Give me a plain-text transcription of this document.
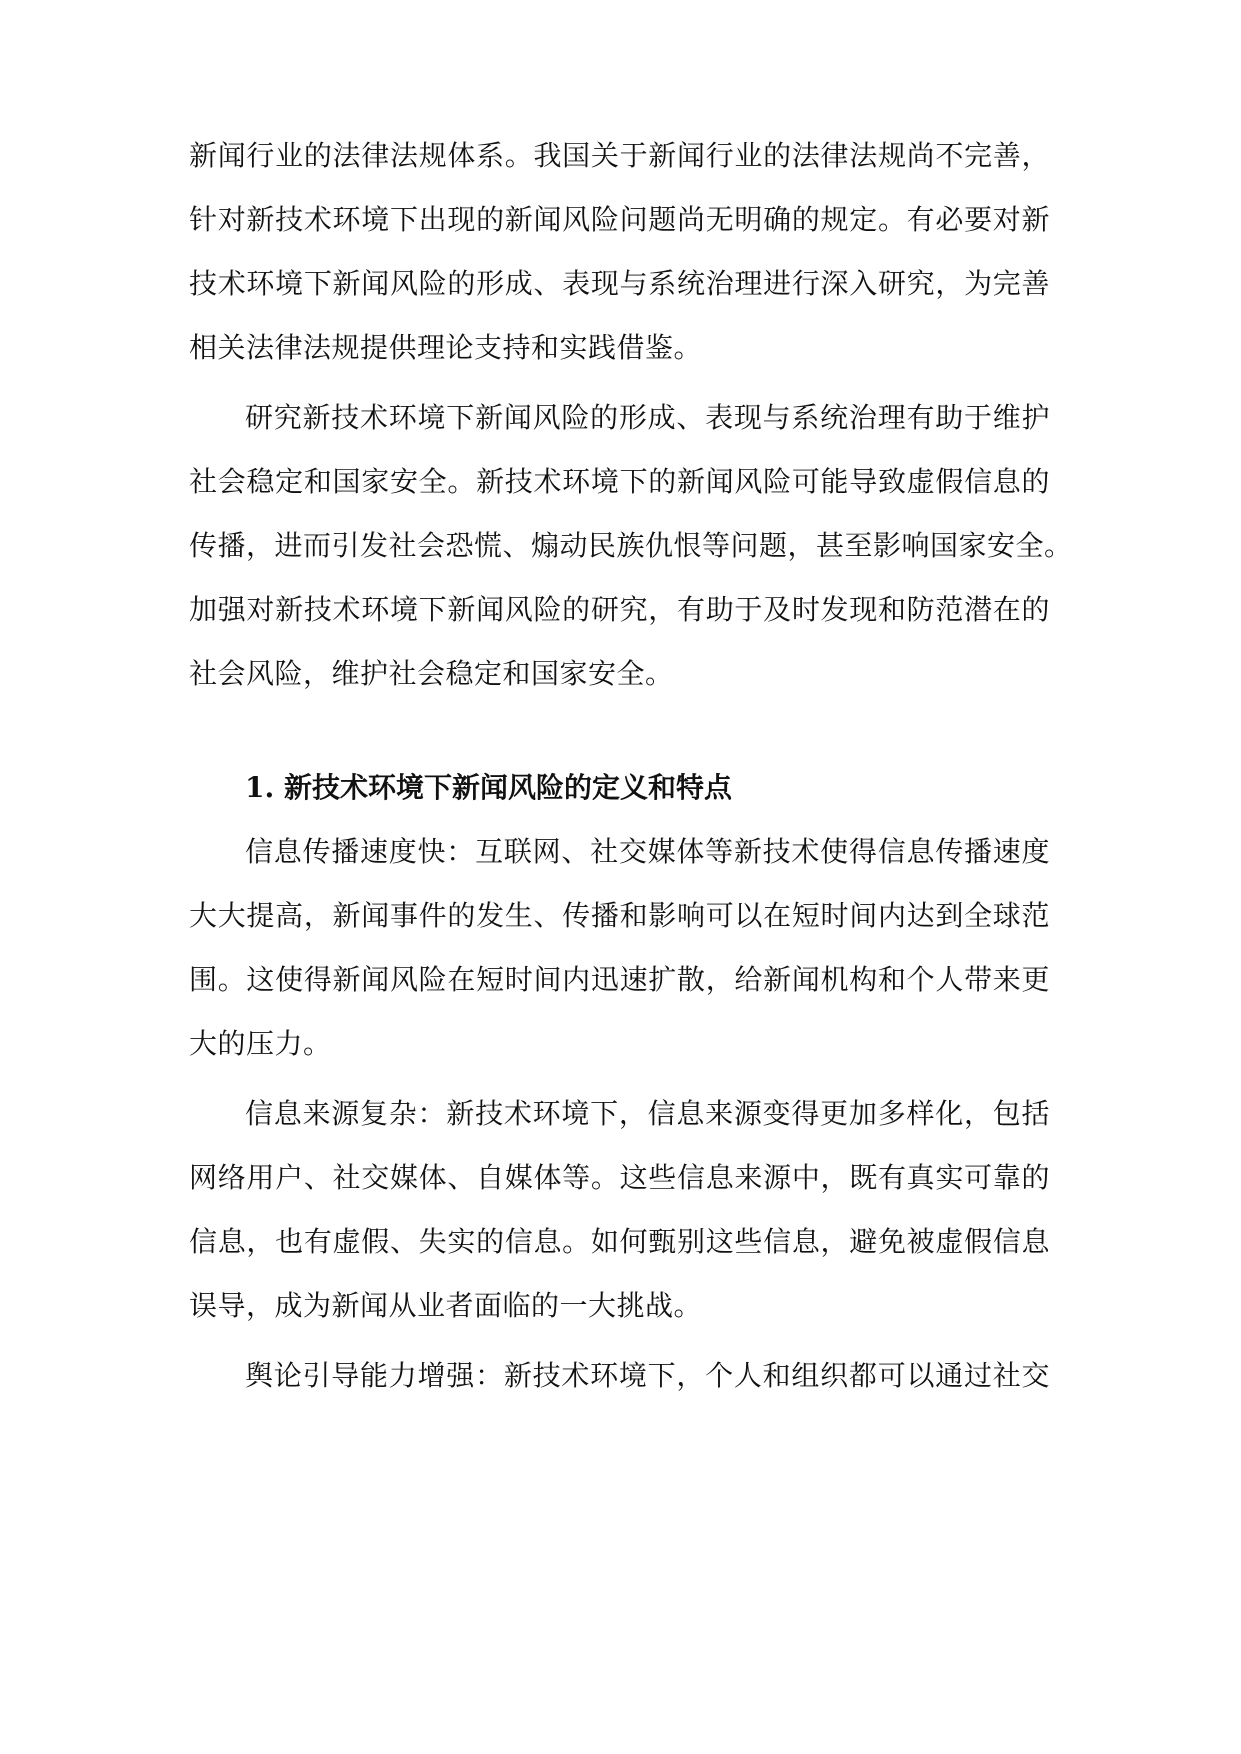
新闻行业的法律法规体系。我国关于新闻行业的法律法规尚不完善，
针对新技术环境下出现的新闻风险问题尚无明确的规定。有必要对新
技术环境下新闻风险的形成、表现与系统治理进行深入研究，为完善
相关法律法规提供理论支持和实践借鉴。
研究新技术环境下新闻风险的形成、表现与系统治理有助于维护
社会稳定和国家安全。新技术环境下的新闻风险可能导致虚假信息的
传播，进而引发社会恐慌、煽动民族仇恨等问题，甚至影响国家安全。
加强对新技术环境下新闻风险的研究，有助于及时发现和防范潜在的
社会风险，维护社会稳定和国家安全。
1. 新技术环境下新闻风险的定义和特点
信息传播速度快：互联网、社交媒体等新技术使得信息传播速度
大大提高，新闻事件的发生、传播和影响可以在短时间内达到全球范
围。这使得新闻风险在短时间内迅速扩散，给新闻机构和个人带来更
大的压力。
信息来源复杂：新技术环境下，信息来源变得更加多样化，包括
网络用户、社交媒体、自媒体等。这些信息来源中，既有真实可靠的
信息，也有虚假、失实的信息。如何甄别这些信息，避免被虚假信息
误导，成为新闻从业者面临的一大挑战。
舆论引导能力增强：新技术环境下，个人和组织都可以通过社交
